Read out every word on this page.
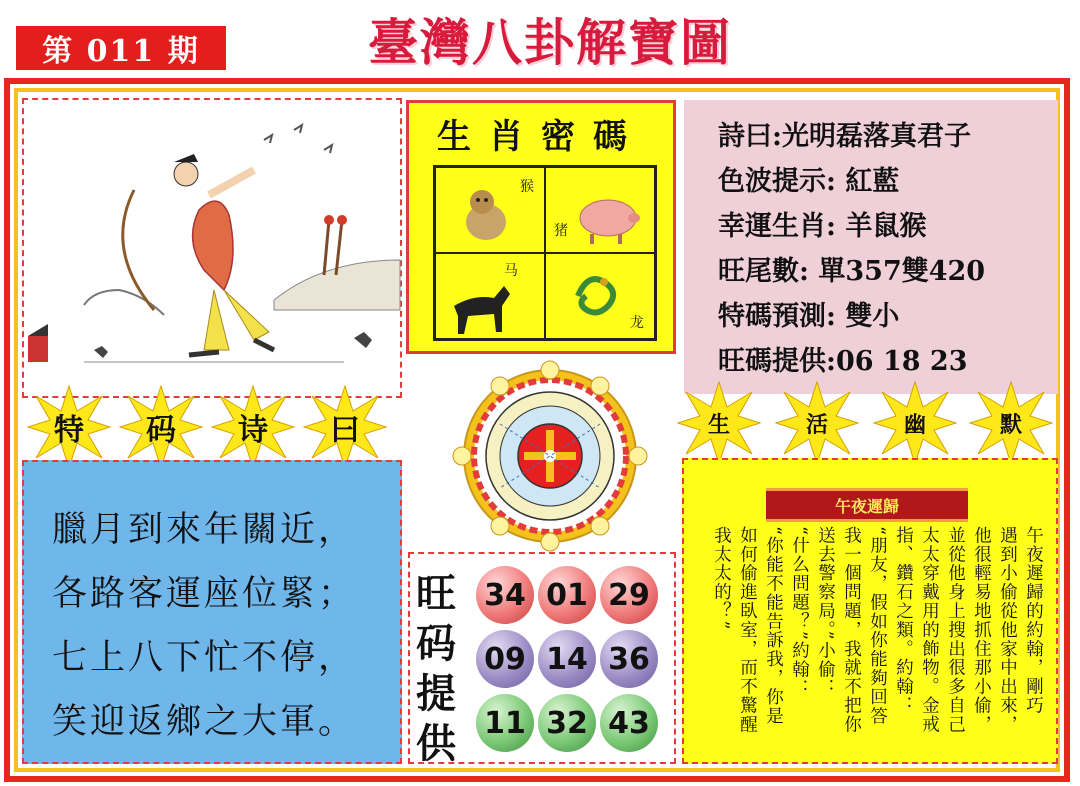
第 011 期	臺灣八卦解寶圖
生肖密碼
猴
猪
马
龙

詩曰:光明磊落真君子

色波提示: 紅藍

幸運生肖: 羊鼠猴

旺尾數: 單357雙420

特碼預測: 雙小

旺碼提供:06 18 23

特	码	诗	曰	生	活	幽	默

臘月到來年關近，

各路客運座位緊；

七上八下忙不停，

笑迎返鄉之大軍。

旺
码
提
供
34 01 29
09 14 36
11 32 43
午夜遲歸
午夜遲歸的約翰，剛巧
遇到小偷從他家中出來，
他很輕易地抓住那小偷，
並從他身上搜出很多自己
太太穿戴用的飾物。金戒
指、鑽石之類。約翰：
“朋友，假如你能夠回答
我一個問題，我就不把你
送去警察局。”小偷：
“什么問題？”約翰：
“你能不能告訴我，你是
如何偷進臥室，而不驚醒
我太太的？”
